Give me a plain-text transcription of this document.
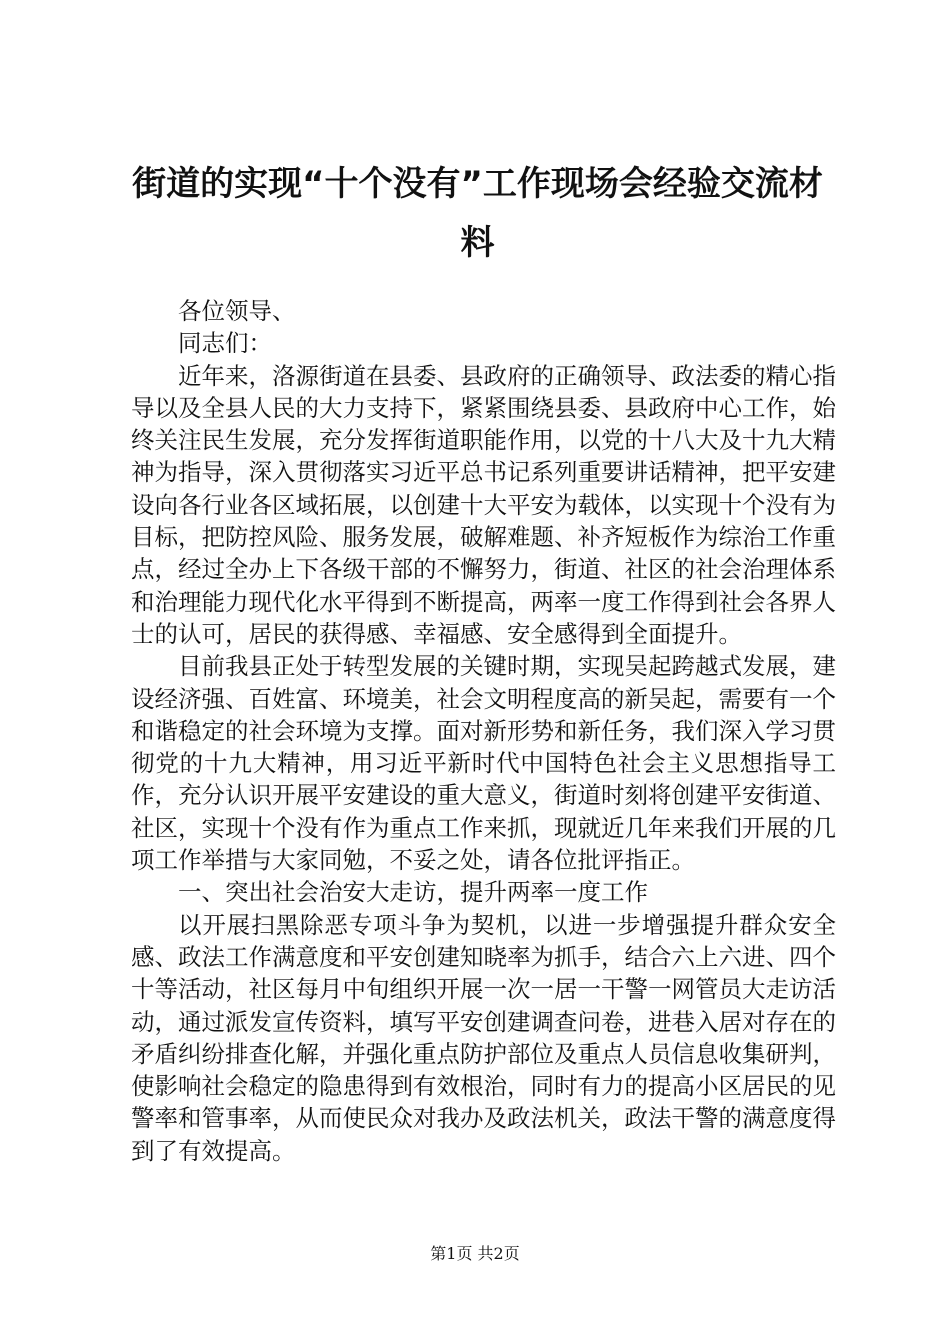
街道的实现“十个没有”工作现场会经验交流材料

各位领导、

同志们：

近年来，洛源街道在县委、县政府的正确领导、政法委的精心指导以及全县人民的大力支持下，紧紧围绕县委、县政府中心工作，始终关注民生发展，充分发挥街道职能作用，以党的十八大及十九大精神为指导，深入贯彻落实习近平总书记系列重要讲话精神，把平安建设向各行业各区域拓展，以创建十大平安为载体，以实现十个没有为目标，把防控风险、服务发展，破解难题、补齐短板作为综治工作重点，经过全办上下各级干部的不懈努力，街道、社区的社会治理体系和治理能力现代化水平得到不断提高，两率一度工作得到社会各界人士的认可，居民的获得感、幸福感、安全感得到全面提升。

目前我县正处于转型发展的关键时期，实现吴起跨越式发展，建设经济强、百姓富、环境美，社会文明程度高的新吴起，需要有一个和谐稳定的社会环境为支撑。面对新形势和新任务，我们深入学习贯彻党的十九大精神，用习近平新时代中国特色社会主义思想指导工作，充分认识开展平安建设的重大意义，街道时刻将创建平安街道、社区，实现十个没有作为重点工作来抓，现就近几年来我们开展的几项工作举措与大家同勉，不妥之处，请各位批评指正。

一、突出社会治安大走访，提升两率一度工作

以开展扫黑除恶专项斗争为契机，以进一步增强提升群众安全感、政法工作满意度和平安创建知晓率为抓手，结合六上六进、四个十等活动，社区每月中旬组织开展一次一居一干警一网管员大走访活动，通过派发宣传资料，填写平安创建调查问卷，进巷入居对存在的矛盾纠纷排查化解，并强化重点防护部位及重点人员信息收集研判，使影响社会稳定的隐患得到有效根治，同时有力的提高小区居民的见警率和管事率，从而使民众对我办及政法机关，政法干警的满意度得到了有效提高。

第1页 共2页
